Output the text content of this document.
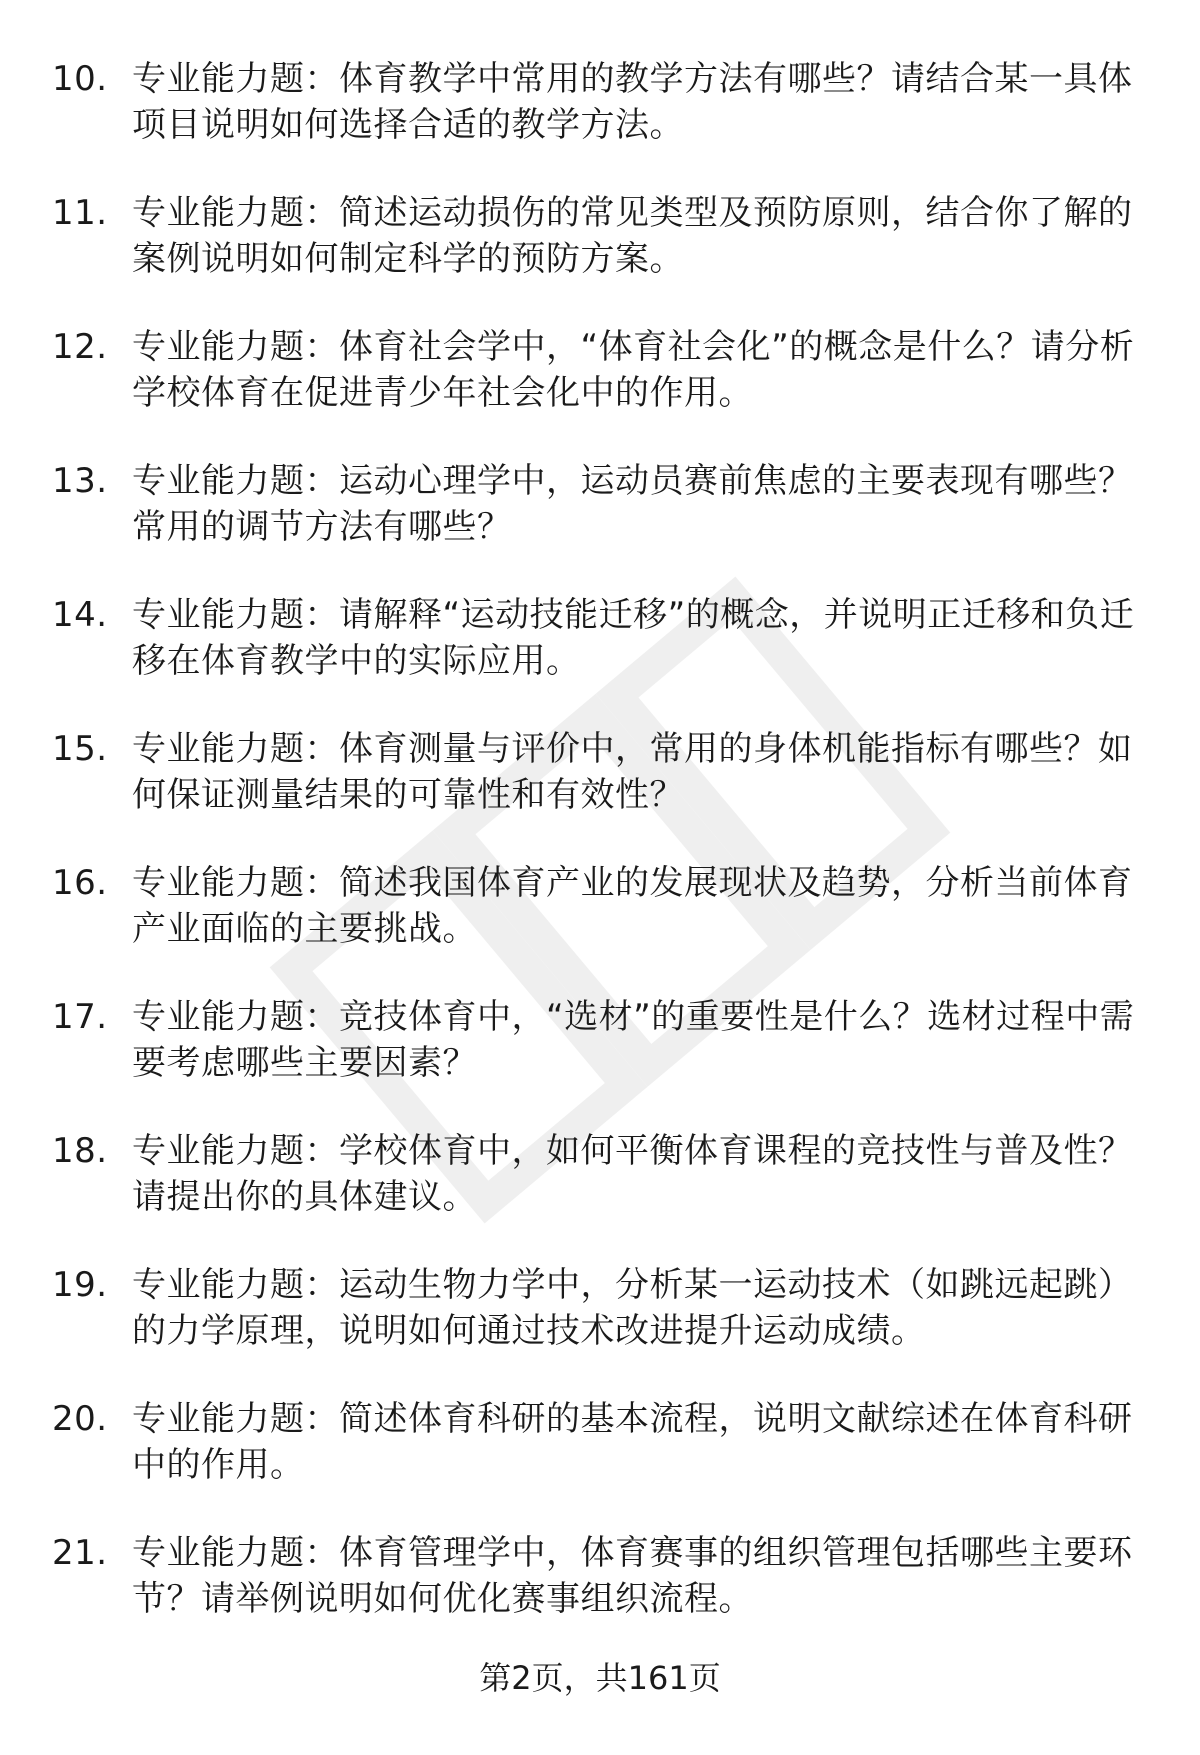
10. 专业能力题：体育教学中常用的教学方法有哪些？请结合某一具体项目说明如何选择合适的教学方法。
11. 专业能力题：简述运动损伤的常见类型及预防原则，结合你了解的案例说明如何制定科学的预防方案。
12. 专业能力题：体育社会学中，“体育社会化”的概念是什么？请分析学校体育在促进青少年社会化中的作用。
13. 专业能力题：运动心理学中，运动员赛前焦虑的主要表现有哪些？常用的调节方法有哪些？
14. 专业能力题：请解释“运动技能迁移”的概念，并说明正迁移和负迁移在体育教学中的实际应用。
15. 专业能力题：体育测量与评价中，常用的身体机能指标有哪些？如何保证测量结果的可靠性和有效性？
16. 专业能力题：简述我国体育产业的发展现状及趋势，分析当前体育产业面临的主要挑战。
17. 专业能力题：竞技体育中，“选材”的重要性是什么？选材过程中需要考虑哪些主要因素？
18. 专业能力题：学校体育中，如何平衡体育课程的竞技性与普及性？请提出你的具体建议。
19. 专业能力题：运动生物力学中，分析某一运动技术（如跳远起跳）的力学原理，说明如何通过技术改进提升运动成绩。
20. 专业能力题：简述体育科研的基本流程，说明文献综述在体育科研中的作用。
21. 专业能力题：体育管理学中，体育赛事的组织管理包括哪些主要环节？请举例说明如何优化赛事组织流程。
第2页，共161页
